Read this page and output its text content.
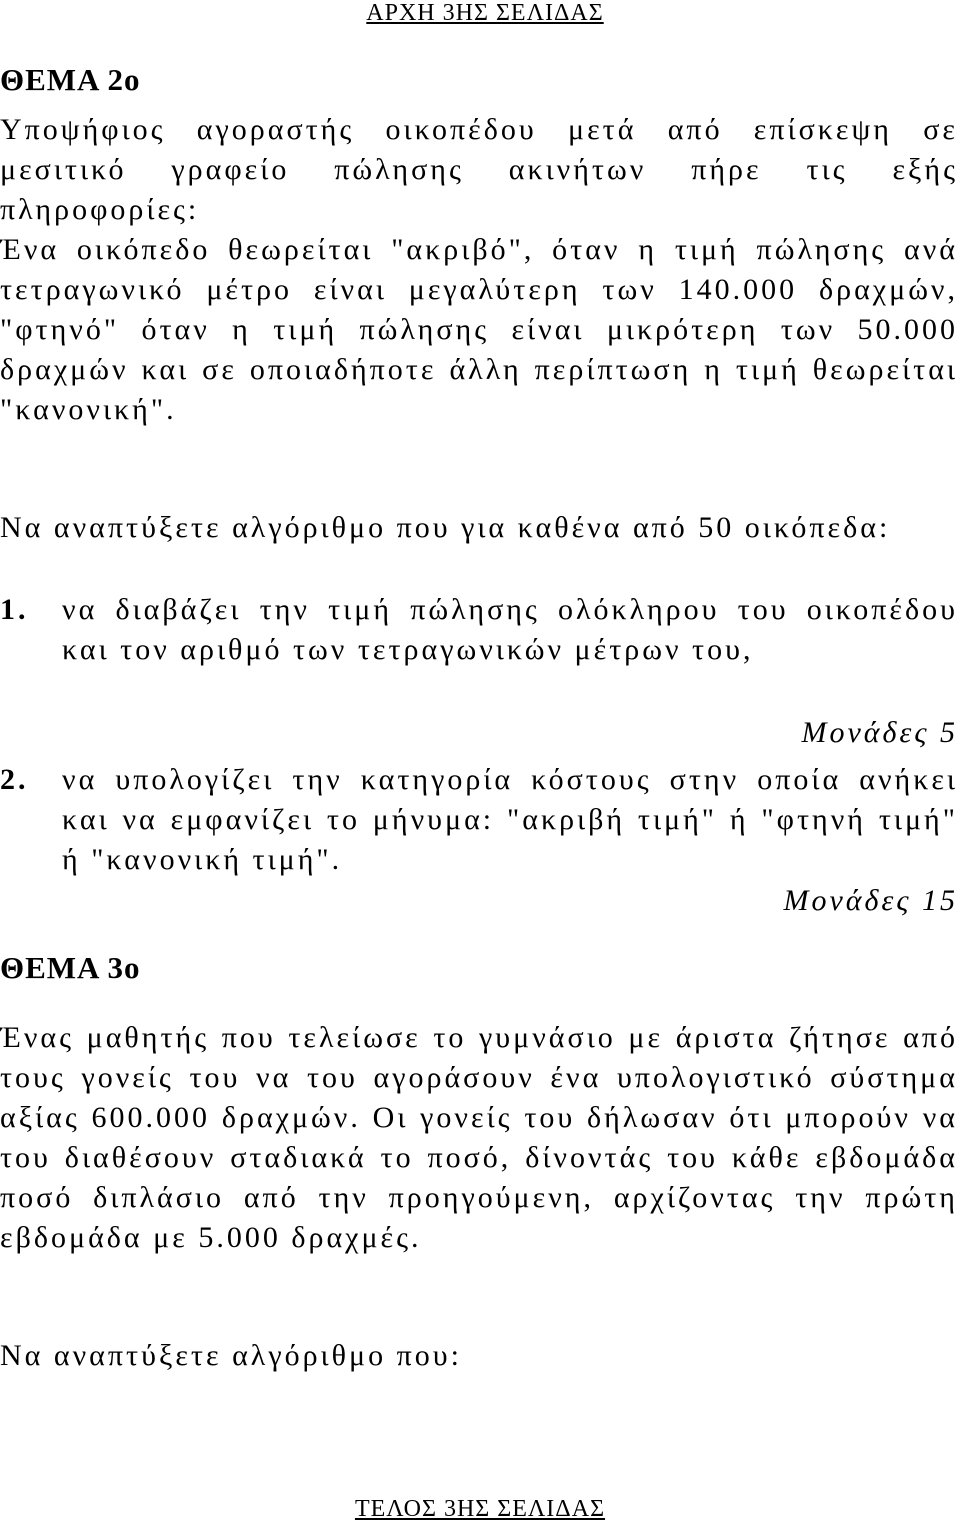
ΑΡΧΗ 3ΗΣ ΣΕΛΙΔΑΣ
ΘΕΜΑ 2ο
Υποψήφιος αγοραστής οικοπέδου μετά από επίσκεψη σε μεσιτικό γραφείο πώλησης ακινήτων πήρε τις εξής πληροφορίες:
Ένα οικόπεδο θεωρείται "ακριβό", όταν η τιμή πώλησης ανά τετραγωνικό μέτρο είναι μεγαλύτερη των 140.000 δραχμών, "φτηνό" όταν η τιμή πώλησης είναι μικρότερη των 50.000 δραχμών και σε οποιαδήποτε άλλη περίπτωση η τιμή θεωρείται "κανονική".
Να αναπτύξετε αλγόριθμο που για καθένα από 50 οικόπεδα:
1. να διαβάζει την τιμή πώλησης ολόκληρου του οικοπέδου και τον αριθμό των τετραγωνικών μέτρων του,
Μονάδες 5
2. να υπολογίζει την κατηγορία κόστους στην οποία ανήκει και να εμφανίζει το μήνυμα: "ακριβή τιμή" ή "φτηνή τιμή" ή "κανονική τιμή".
Μονάδες 15
ΘΕΜΑ 3ο
Ένας μαθητής που τελείωσε το γυμνάσιο με άριστα ζήτησε από τους γονείς του να του αγοράσουν ένα υπολογιστικό σύστημα αξίας 600.000 δραχμών. Οι γονείς του δήλωσαν ότι μπορούν να του διαθέσουν σταδιακά το ποσό, δίνοντάς του κάθε εβδομάδα ποσό διπλάσιο από την προηγούμενη, αρχίζοντας την πρώτη εβδομάδα με 5.000 δραχμές.
Να αναπτύξετε αλγόριθμο που:
ΤΕΛΟΣ 3ΗΣ ΣΕΛΙΔΑΣ
